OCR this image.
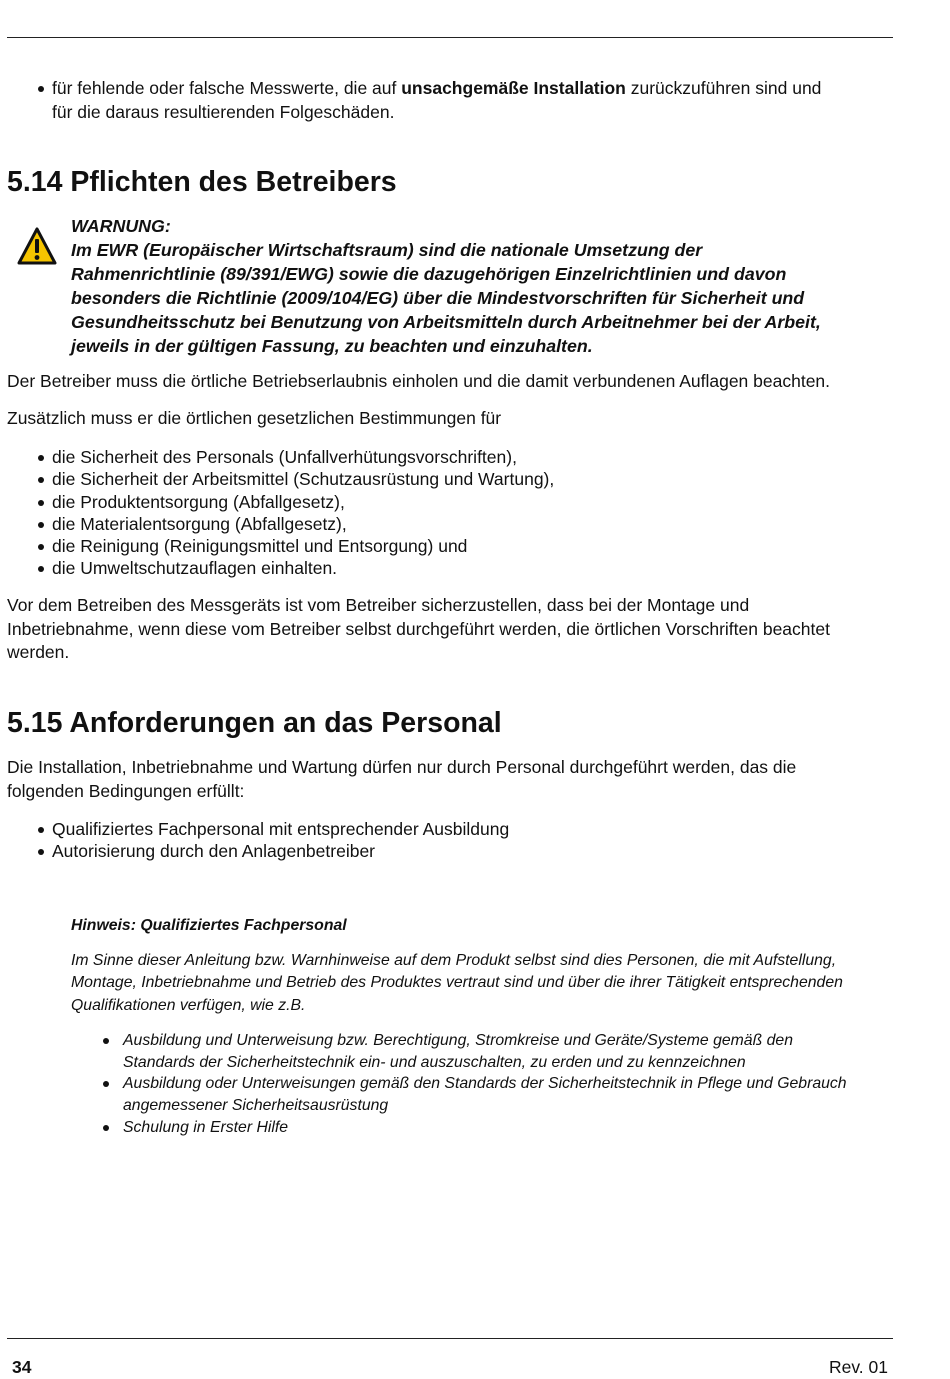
für fehlende oder falsche Messwerte, die auf unsachgemäße Installation zurückzuführen sind und
für die daraus resultierenden Folgeschäden.
5.14 Pflichten des Betreibers
WARNUNG:
Im EWR (Europäischer Wirtschaftsraum) sind die nationale Umsetzung der
Rahmenrichtlinie (89/391/EWG) sowie die dazugehörigen Einzelrichtlinien und davon
besonders die Richtlinie (2009/104/EG) über die Mindestvorschriften für Sicherheit und
Gesundheitsschutz bei Benutzung von Arbeitsmitteln durch Arbeitnehmer bei der Arbeit,
jeweils in der gültigen Fassung, zu beachten und einzuhalten.
Der Betreiber muss die örtliche Betriebserlaubnis einholen und die damit verbundenen Auflagen beachten.
Zusätzlich muss er die örtlichen gesetzlichen Bestimmungen für
die Sicherheit des Personals (Unfallverhütungsvorschriften),
die Sicherheit der Arbeitsmittel (Schutzausrüstung und Wartung),
die Produktentsorgung (Abfallgesetz),
die Materialentsorgung (Abfallgesetz),
die Reinigung (Reinigungsmittel und Entsorgung) und
die Umweltschutzauflagen einhalten.
Vor dem Betreiben des Messgeräts ist vom Betreiber sicherzustellen, dass bei der Montage und
Inbetriebnahme, wenn diese vom Betreiber selbst durchgeführt werden, die örtlichen Vorschriften beachtet
werden.
5.15 Anforderungen an das Personal
Die Installation, Inbetriebnahme und Wartung dürfen nur durch Personal durchgeführt werden, das die
folgenden Bedingungen erfüllt:
Qualifiziertes Fachpersonal mit entsprechender Ausbildung
Autorisierung durch den Anlagenbetreiber
Hinweis: Qualifiziertes Fachpersonal
Im Sinne dieser Anleitung bzw. Warnhinweise auf dem Produkt selbst sind dies Personen, die mit Aufstellung,
Montage, Inbetriebnahme und Betrieb des Produktes vertraut sind und über die ihrer Tätigkeit entsprechenden
Qualifikationen verfügen, wie z.B.
Ausbildung und Unterweisung bzw. Berechtigung, Stromkreise und Geräte/Systeme gemäß den
Standards der Sicherheitstechnik ein- und auszuschalten, zu erden und zu kennzeichnen
Ausbildung oder Unterweisungen gemäß den Standards der Sicherheitstechnik in Pflege und Gebrauch
angemessener Sicherheitsausrüstung
Schulung in Erster Hilfe
34	Rev. 01
